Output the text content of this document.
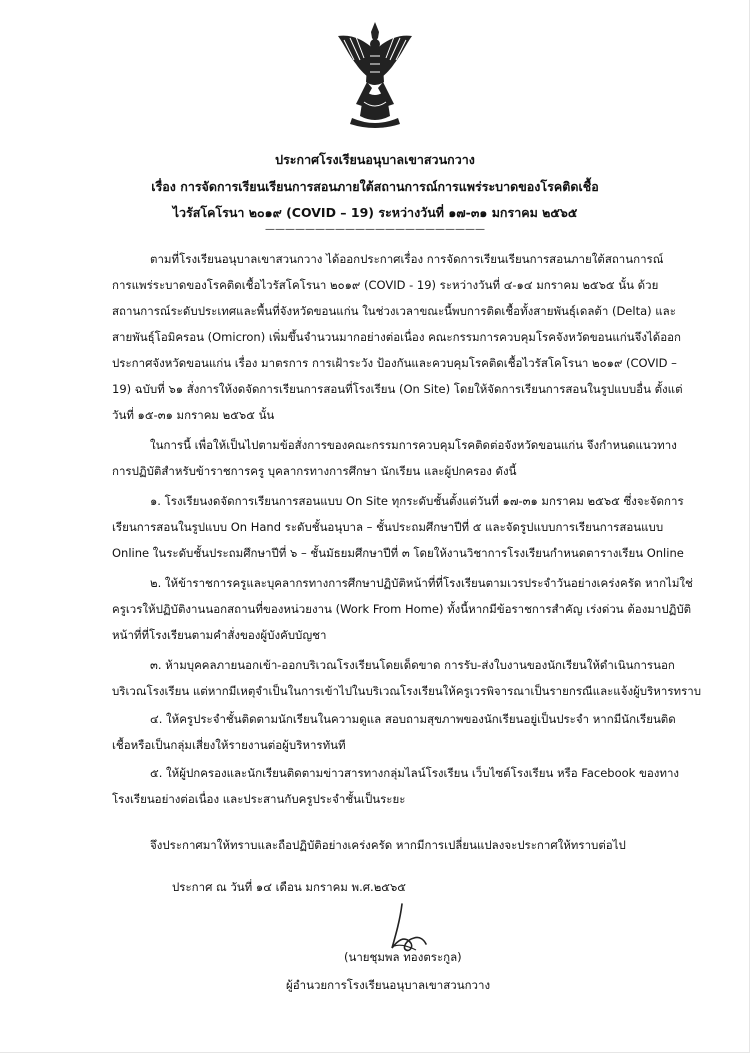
ประกาศโรงเรียนอนุบาลเขาสวนกวาง
เรื่อง การจัดการเรียนเรียนการสอนภายใต้สถานการณ์การแพร่ระบาดของโรคติดเชื้อ
ไวรัสโคโรนา ๒๐๑๙ (COVID – 19) ระหว่างวันที่ ๑๗-๓๑ มกราคม ๒๕๖๕
——————————————————————
ตามที่โรงเรียนอนุบาลเขาสวนกวาง ได้ออกประกาศเรื่อง การจัดการเรียนเรียนการสอนภายใต้สถานการณ์
การแพร่ระบาดของโรคติดเชื้อไวรัสโคโรนา ๒๐๑๙ (COVID - 19) ระหว่างวันที่ ๔-๑๔ มกราคม ๒๕๖๕ นั้น ด้วย
สถานการณ์ระดับประเทศและพื้นที่จังหวัดขอนแก่น ในช่วงเวลาขณะนี้พบการติดเชื้อทั้งสายพันธุ์เดลต้า (Delta) และ
สายพันธุ์โอมิครอน (Omicron) เพิ่มขึ้นจำนวนมากอย่างต่อเนื่อง คณะกรรมการควบคุมโรคจังหวัดขอนแก่นจึงได้ออก
ประกาศจังหวัดขอนแก่น เรื่อง มาตรการ การเฝ้าระวัง ป้องกันและควบคุมโรคติดเชื้อไวรัสโคโรนา ๒๐๑๙ (COVID –
19) ฉบับที่ ๖๑ สั่งการให้งดจัดการเรียนการสอนที่โรงเรียน (On Site) โดยให้จัดการเรียนการสอนในรูปแบบอื่น ตั้งแต่
วันที่ ๑๕-๓๑ มกราคม ๒๕๖๕ นั้น
ในการนี้ เพื่อให้เป็นไปตามข้อสั่งการของคณะกรรมการควบคุมโรคติดต่อจังหวัดขอนแก่น จึงกำหนดแนวทาง
การปฏิบัติสำหรับข้าราชการครู บุคลากรทางการศึกษา นักเรียน และผู้ปกครอง ดังนี้
๑. โรงเรียนงดจัดการเรียนการสอนแบบ On Site ทุกระดับชั้นตั้งแต่วันที่ ๑๗-๓๑ มกราคม ๒๕๖๕ ซึ่งจะจัดการ
เรียนการสอนในรูปแบบ On Hand ระดับชั้นอนุบาล – ชั้นประถมศึกษาปีที่ ๕ และจัดรูปแบบการเรียนการสอนแบบ
Online ในระดับชั้นประถมศึกษาปีที่ ๖ – ชั้นมัธยมศึกษาปีที่ ๓ โดยให้งานวิชาการโรงเรียนกำหนดตารางเรียน Online
๒. ให้ข้าราชการครูและบุคลากรทางการศึกษาปฏิบัติหน้าที่ที่โรงเรียนตามเวรประจำวันอย่างเคร่งครัด หากไม่ใช่
ครูเวรให้ปฏิบัติงานนอกสถานที่ของหน่วยงาน (Work From Home) ทั้งนี้หากมีข้อราชการสำคัญ เร่งด่วน ต้องมาปฏิบัติ
หน้าที่ที่โรงเรียนตามคำสั่งของผู้บังคับบัญชา
๓. ห้ามบุคคลภายนอกเข้า-ออกบริเวณโรงเรียนโดยเด็ดขาด การรับ-ส่งใบงานของนักเรียนให้ดำเนินการนอก
บริเวณโรงเรียน แต่หากมีเหตุจำเป็นในการเข้าไปในบริเวณโรงเรียนให้ครูเวรพิจารณาเป็นรายกรณีและแจ้งผู้บริหารทราบ
๔. ให้ครูประจำชั้นติดตามนักเรียนในความดูแล สอบถามสุขภาพของนักเรียนอยู่เป็นประจำ หากมีนักเรียนติด
เชื้อหรือเป็นกลุ่มเสี่ยงให้รายงานต่อผู้บริหารทันที
๕. ให้ผู้ปกครองและนักเรียนติดตามข่าวสารทางกลุ่มไลน์โรงเรียน เว็บไซต์โรงเรียน หรือ Facebook ของทาง
โรงเรียนอย่างต่อเนื่อง และประสานกับครูประจำชั้นเป็นระยะ
จึงประกาศมาให้ทราบและถือปฏิบัติอย่างเคร่งครัด หากมีการเปลี่ยนแปลงจะประกาศให้ทราบต่อไป
ประกาศ ณ วันที่ ๑๔ เดือน มกราคม พ.ศ.๒๕๖๕
(นายชุมพล ทองตระกูล)
ผู้อำนวยการโรงเรียนอนุบาลเขาสวนกวาง
